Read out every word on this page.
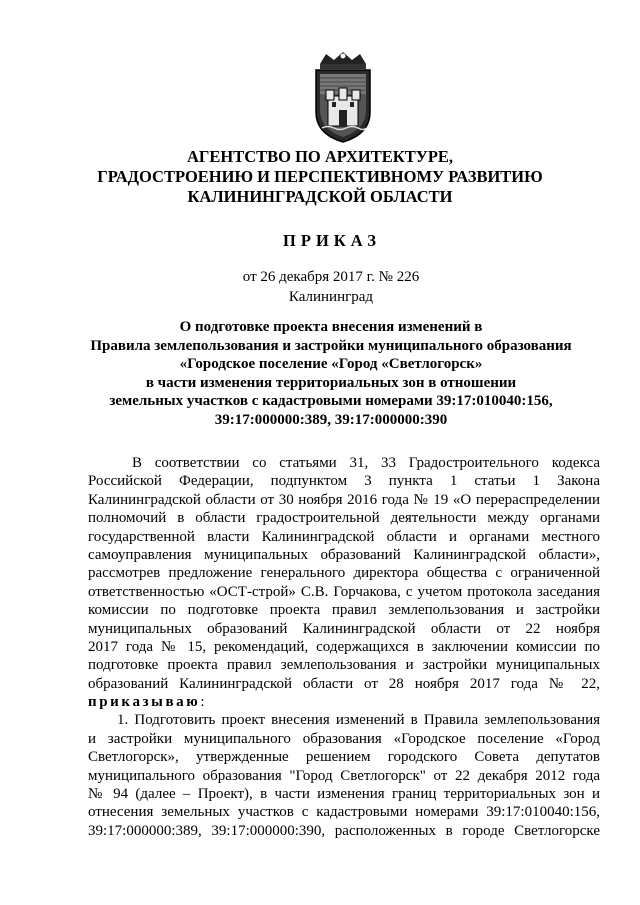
АГЕНТСТВО ПО АРХИТЕКТУРЕ,
ГРАДОСТРОЕНИЮ И ПЕРСПЕКТИВНОМУ РАЗВИТИЮ
КАЛИНИНГРАДСКОЙ ОБЛАСТИ
ПРИКАЗ
от 26 декабря 2017 г. № 226
Калининград
О подготовке проекта внесения изменений в
Правила землепользования и застройки муниципального образования
«Городское поселение «Город «Светлогорск»
в части изменения территориальных зон в отношении
земельных участков с кадастровыми номерами 39:17:010040:156,
39:17:000000:389, 39:17:000000:390
В соответствии со статьями 31, 33 Градостроительного кодекса
Российской Федерации, подпунктом 3 пункта 1 статьи 1 Закона
Калининградской области от 30 ноября 2016 года № 19 «О перераспределении
полномочий в области градостроительной деятельности между органами
государственной власти Калининградской области и органами местного
самоуправления муниципальных образований Калининградской области»,
рассмотрев предложение генерального директора общества с ограниченной
ответственностью «ОСТ-строй» С.В. Горчакова, с учетом протокола заседания
комиссии по подготовке проекта правил землепользования и застройки
муниципальных образований Калининградской области от 22 ноября
2017 года № 15, рекомендаций, содержащихся в заключении комиссии по
подготовке проекта правил землепользования и застройки муниципальных
образований Калининградской области от 28 ноября 2017 года № 22,
приказываю:
1. Подготовить проект внесения изменений в Правила землепользования
и застройки муниципального образования «Городское поселение «Город
Светлогорск», утвержденные решением городского Совета депутатов
муниципального образования "Город Светлогорск" от 22 декабря 2012 года
№ 94 (далее – Проект), в части изменения границ территориальных зон и
отнесения земельных участков с кадастровыми номерами 39:17:010040:156,
39:17:000000:389, 39:17:000000:390, расположенных в городе Светлогорске
